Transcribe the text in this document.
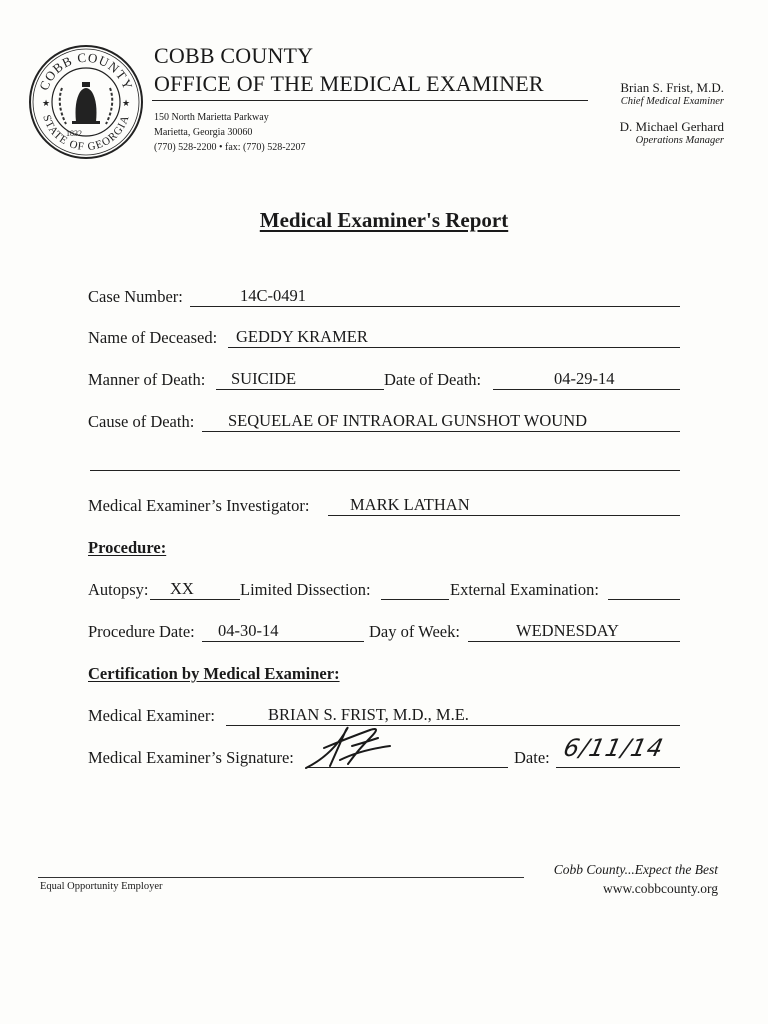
COBB COUNTY
STATE OF GEORGIA
★	★
1832
COBB COUNTY
OFFICE OF THE MEDICAL EXAMINER
150 North Marietta Parkway
Marietta, Georgia 30060
(770) 528-2200 • fax: (770) 528-2207
Brian S. Frist, M.D.
Chief Medical Examiner
D. Michael Gerhard
Operations Manager
Medical Examiner's Report
Case Number:	14C-0491
Name of Deceased: GEDDY KRAMER
Manner of Death: SUICIDE	Date of Death:	04-29-14
Cause of Death: SEQUELAE OF INTRAORAL GUNSHOT WOUND
Medical Examiner’s Investigator: MARK LATHAN
Procedure:
Autopsy: XX	Limited Dissection:	External Examination:
Procedure Date: 04-30-14	Day of Week:	WEDNESDAY
Certification by Medical Examiner:
Medical Examiner:	BRIAN S. FRIST, M.D., M.E.
Medical Examiner’s Signature:	Date: 6/11/14
Equal Opportunity Employer
Cobb County...Expect the Best
www.cobbcounty.org
